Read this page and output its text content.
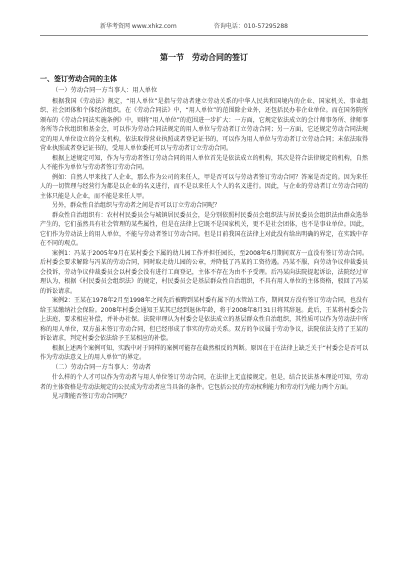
新华考资网 www.xhkz.com	咨询电话：010-57295288
第一节　劳动合同的签订
一、签订劳动合同的主体
（一）劳动合同一方当事人：用人单位

根据我国《劳动法》规定，“用人单位”是指与劳动者建立劳动关系的中华人民共和国境内的企业、国家机关、事业组织、社会团体和个体经济组织。在《劳动合同法》中，“用人单位”的范围除企业外，还包括民办非企业单位。而在国务院所颁布的《劳动合同法实施条例》中，则将“用人单位”的范围进一步扩大：一方面，它规定依法成立的会计师事务所、律师事务所等合伙组织和基金会，可以作为劳动合同法规定的用人单位与劳动者订立劳动合同；另一方面，它还规定劳动合同法规定的用人单位设立的分支机构，依法取得营业执照或者登记证书的，可以作为用人单位与劳动者订立劳动合同；未依法取得营业执照或者登记证书的，受用人单位委托可以与劳动者订立劳动合同。

根据上述规定可知，作为与劳动者签订劳动合同的用人单位首先是依法成立的机构，其次是符合法律规定的机构，自然人不能作为单位与劳动者签订劳动合同。

例如：自然人甲来找了人企业，那么作为公司的来任人，甲是否可以与劳动者签订劳动合同？答案是否定的。因为来任人的一切管理与经营行为都是以企业的名义进行，而不是以来任人个人的名义进行。因此，与企业的劳动者订立劳动合同的主体只能是人企业，而不能是来任人甲。

另外，群众性自治组织与劳动者之间是否可以订立劳动合同呢？

群众性自治组织有：农村村民委员会与城镇居民委员会，是分别依照村民委员会组织法与居民委员会组织法由群众选举产生的，它们虽然具有社会管理的某些属性，但是在法律上它既不是国家机关，更不是社会团体，也不是事业单位。因此，它们作为劳动法上的用人单位，不能与劳动者签订劳动合同。但是目前我国在法律上对此没有给出明确的界定，在实践中存在不同的观点。

案例1：冯某于2005年9月在某村委会下属的幼儿园工作并担任园长，至2008年6月期间双方一直没有签订劳动合同。后村委会要求解除与冯某的劳动合同，同时取走幼儿园的公章，并降低了冯某的工资待遇。冯某不服，向劳动争议仲裁委员会投诉，劳动争议仲裁委员会以村委会没有进行工商登记，主体不存在为由不予受理。后冯某向法院提起诉讼，法院经过审理认为，根据《村民委员会组织法》的规定，村民委员会是基层群众性自治组织，不具有用人单位的主体资格，驳回了冯某的诉讼请求。

案例2：王某在1978年2月至1998年之间先后被聘到某村委有属下的水管站工作，期间双方没有签订劳动合同，也没有给王某缴纳社会保险。2008年村委会通知王某其已经到退休年龄，将于2008年8月31日将其辞退。此后，王某将村委会告上法庭，要求相应补偿，并补办社保。法院审理认为村委会是依法成立的基层群众性自治组织，其性质可以作为劳动法中所称的用人单位，双方虽未签订劳动合同，但已经形成了事实的劳动关系。双方的争议属于劳动争议，法院依法支持了王某的诉讼请求，判定村委会依法给予王某相应的补偿。

根据上述两个案例可知，实践中对于同样的案例可能存在截然相反的判断。原因在于在法律上缺乏关于“村委会是否可以作为劳动法意义上的用人单位”的界定。

（二）劳动合同一方当事人：劳动者

什么样的个人才可以作为劳动者与用人单位签订劳动合同，在法律上无直接规定。但是，结合民法基本理论可知，劳动者的主体资格是劳动法规定的公民成为劳动者应当具备的条件。它包括公民的劳动权利能力和劳动行为能力两个方面。

见习期能否签订劳动合同呢？
